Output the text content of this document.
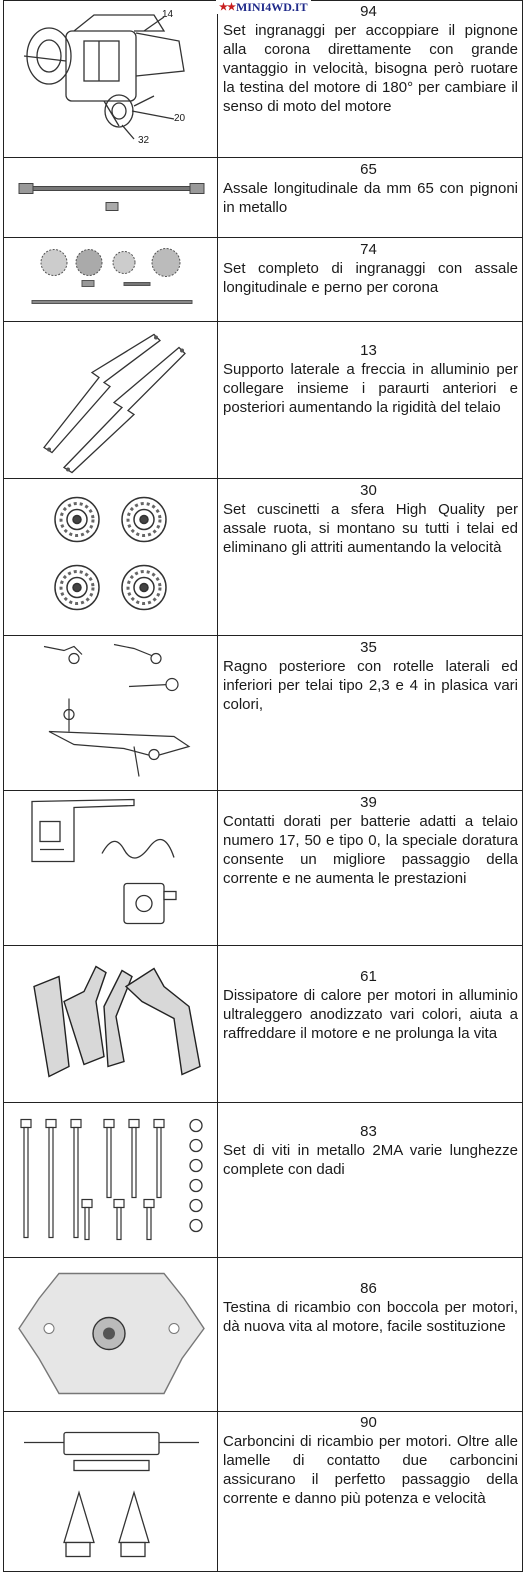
★★ MINI4WD.IT
14
20
32
94

Set ingranaggi per accoppiare il pignone alla corona direttamente con grande vantaggio in velocità, bisogna però ruotare la testina del motore di 180° per cambiare il senso di moto del motore

65

Assale longitudinale da mm 65 con pignoni in metallo

74

Set completo di ingranaggi con assale longitudinale e perno per corona

13

Supporto laterale a freccia in alluminio per collegare insieme i paraurti anteriori e posteriori aumentando la rigidità del telaio

30

Set cuscinetti a sfera High Quality per assale ruota, si montano su tutti i telai ed eliminano gli attriti aumentando la velocità

35

Ragno posteriore con rotelle laterali ed inferiori per telai tipo 2,3 e 4 in plasica vari colori,

39

Contatti dorati per batterie adatti a telaio numero 17, 50 e tipo 0, la speciale doratura consente un migliore passaggio della corrente e ne aumenta le prestazioni

61

Dissipatore di calore per motori in alluminio ultraleggero anodizzato vari colori, aiuta a raffreddare il motore e ne prolunga la vita

83

Set di viti in metallo 2MA varie lunghezze complete con dadi

86

Testina di ricambio con boccola per motori, dà nuova vita al motore, facile sostituzione

90

Carboncini di ricambio per motori. Oltre alle lamelle di contatto due carboncini assicurano il perfetto passaggio della corrente e danno più potenza e velocità
